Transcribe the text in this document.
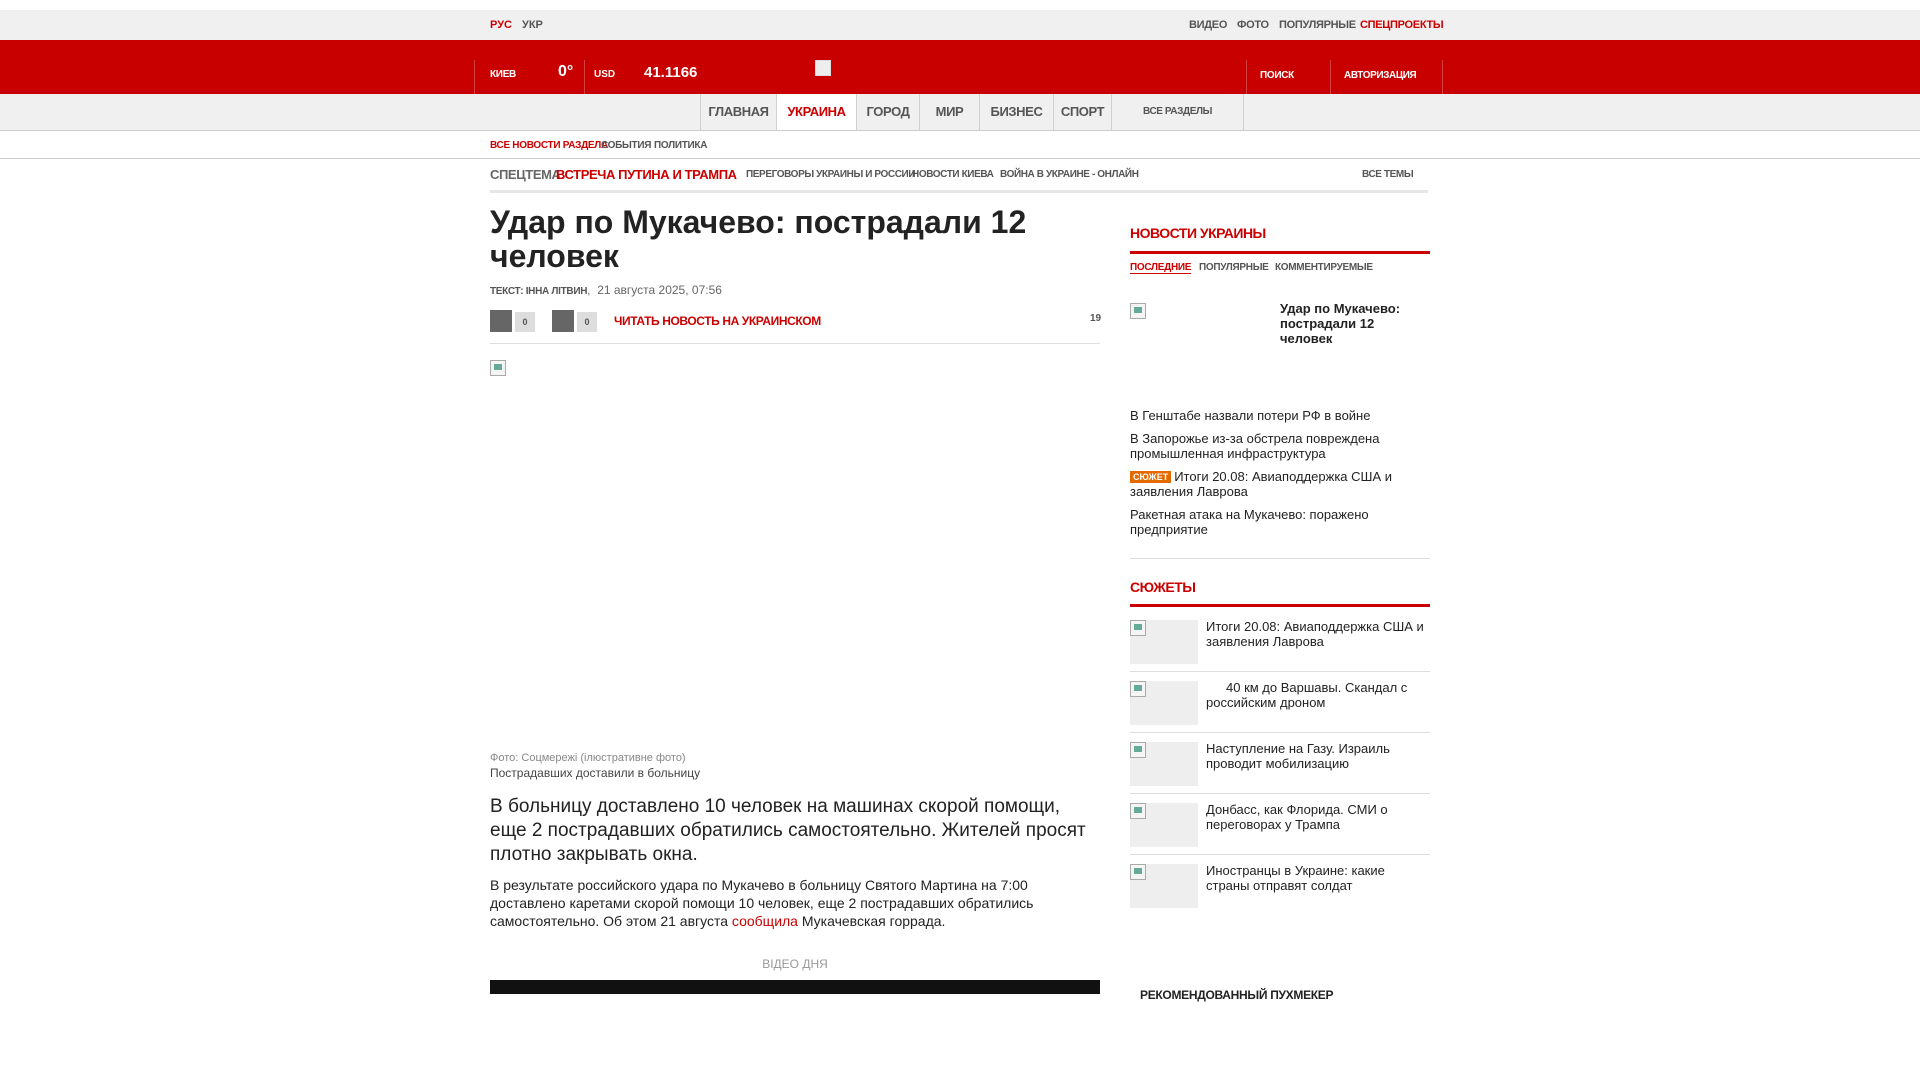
РУС УКР	ВИДЕО ФОТО ПОПУЛЯРНЫЕ СПЕЦПРОЕКТЫ
КИЕВ	0° USD 41.1166	ПОИСК	АВТОРИЗАЦИЯ
ГЛАВНАЯ	УКРАИНА	ГОРОД	МИР	БИЗНЕС	СПОРТ	ВСЕ РАЗДЕЛЫ
ВСЕ НОВОСТИ РАЗДЕЛА
СОБЫТИЯ ПОЛИТИКА
СПЕЦТЕМА:
ВСТРЕЧА ПУТИНА И ТРАМПА ПЕРЕГОВОРЫ УКРАИНЫ И РОССИИ
НОВОСТИ КИЕВА ВОЙНА В УКРАИНЕ - ОНЛАЙН	ВСЕ ТЕМЫ
Удар по Мукачево: пострадали 12 человек
ТЕКСТ: ІННА ЛІТВИН,  21 августа 2025, 07:56
0	0	ЧИТАТЬ НОВОСТЬ НА УКРАИНСКОМ	19
Фото: Соцмережі (ілюстративне фото)
Пострадавших доставили в больницу

В больницу доставлено 10 человек на машинах скорой помощи, еще 2 пострадавших обратились самостоятельно. Жителей просят плотно закрывать окна.

В результате российского удара по Мукачево в больницу Святого Мартина на 7:00 доставлено каретами скорой помощи 10 человек, еще 2 пострадавших обратились самостоятельно. Об этом 21 августа сообщила Мукачевская горрада.

ВІДЕО ДНЯ
НОВОСТИ УКРАИНЫ
ПОСЛЕДНИЕ ПОПУЛЯРНЫЕ КОММЕНТИРУЕМЫЕ
Удар по Мукачево: пострадали 12 человек
В Генштабе назвали потери РФ в войне
В Запорожье из-за обстрела повреждена промышленная инфраструктура
СЮЖЕТ Итоги 20.08: Авиаподдержка США и заявления Лаврова
Ракетная атака на Мукачево: поражено предприятие
СЮЖЕТЫ
Итоги 20.08: Авиаподдержка США и заявления Лаврова
40 км до Варшавы. Скандал с российским дроном
Наступление на Газу. Израиль проводит мобилизацию
Донбасс, как Флорида. СМИ о переговорах у Трампа
Иностранцы в Украине: какие страны отправят солдат
РЕКОМЕНДОВАННЫЙ ПУХМЕКЕР
